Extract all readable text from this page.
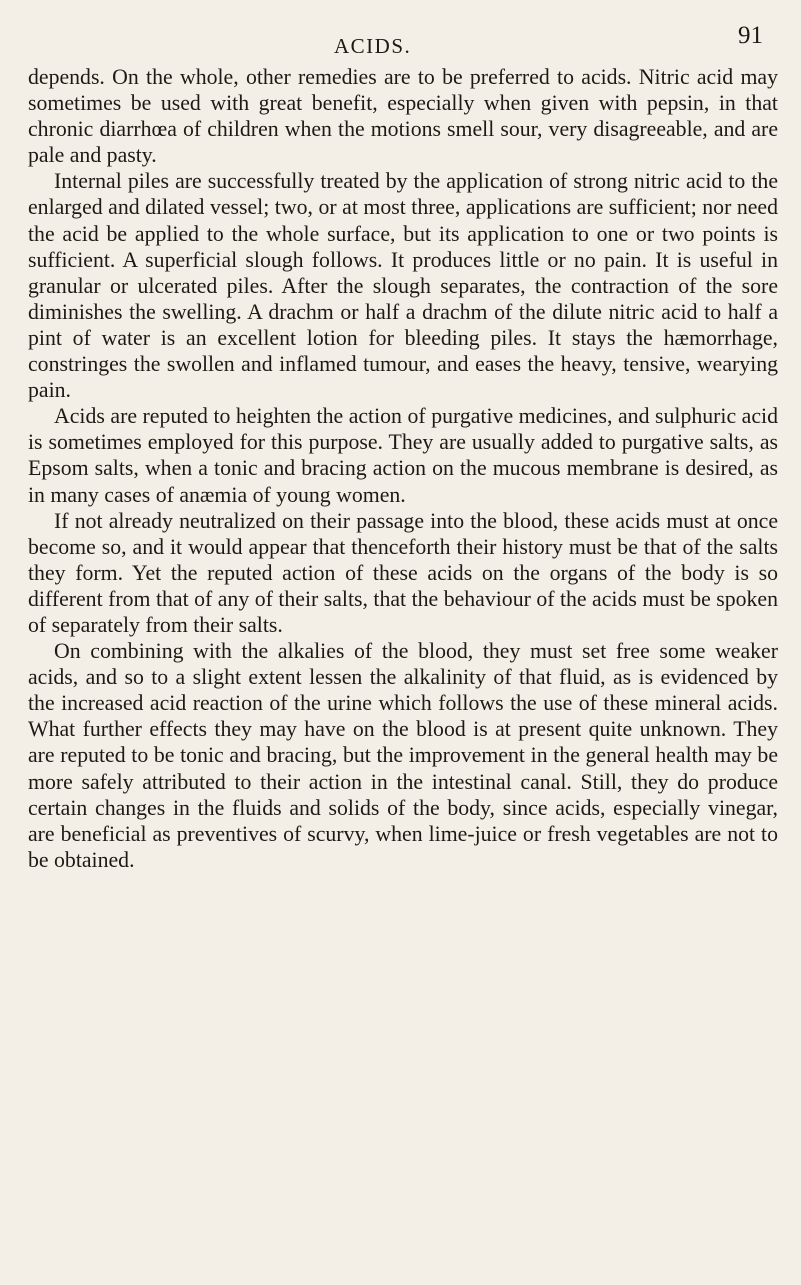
ACIDS.	91

depends. On the whole, other remedies are to be preferred to acids. Nitric acid may sometimes be used with great benefit, especially when given with pepsin, in that chronic diarrhœa of children when the motions smell sour, very disagreeable, and are pale and pasty.

Internal piles are successfully treated by the application of strong nitric acid to the enlarged and dilated vessel; two, or at most three, applications are sufficient; nor need the acid be applied to the whole surface, but its application to one or two points is sufficient. A superficial slough follows. It produces little or no pain. It is useful in granular or ulcerated piles. After the slough separates, the contraction of the sore diminishes the swelling. A drachm or half a drachm of the dilute nitric acid to half a pint of water is an excellent lotion for bleeding piles. It stays the hæmorrhage, constringes the swollen and inflamed tumour, and eases the heavy, tensive, wearying pain.

Acids are reputed to heighten the action of purgative medicines, and sulphuric acid is sometimes employed for this purpose. They are usually added to purgative salts, as Epsom salts, when a tonic and bracing action on the mucous membrane is desired, as in many cases of anæmia of young women.

If not already neutralized on their passage into the blood, these acids must at once become so, and it would appear that thenceforth their history must be that of the salts they form. Yet the reputed action of these acids on the organs of the body is so different from that of any of their salts, that the behaviour of the acids must be spoken of separately from their salts.

On combining with the alkalies of the blood, they must set free some weaker acids, and so to a slight extent lessen the alkalinity of that fluid, as is evidenced by the increased acid reaction of the urine which follows the use of these mineral acids. What further effects they may have on the blood is at present quite unknown. They are reputed to be tonic and bracing, but the improvement in the general health may be more safely attributed to their action in the intestinal canal. Still, they do produce certain changes in the fluids and solids of the body, since acids, especially vinegar, are beneficial as preventives of scurvy, when lime-juice or fresh vegetables are not to be obtained.
